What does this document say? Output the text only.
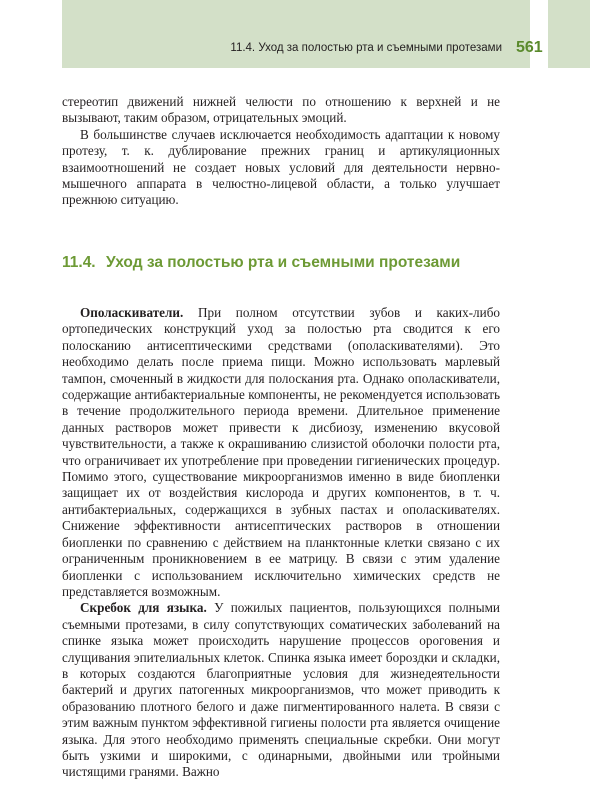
11.4. Уход за полостью рта и съемными протезами 561

стереотип движений нижней челюсти по отношению к верхней и не вызывают, таким образом, отрицательных эмоций.

В большинстве случаев исключается необходимость адаптации к новому протезу, т. к. дублирование прежних границ и артикуляционных взаимоотношений не создает новых условий для деятельности нервно-мышечного аппарата в челюстно-лицевой области, а только улучшает прежнюю ситуацию.

11.4. Уход за полостью рта и съемными протезами

Ополаскиватели. При полном отсутствии зубов и каких-либо ортопедических конструкций уход за полостью рта сводится к его полосканию антисептическими средствами (ополаскивателями). Это необходимо делать после приема пищи. Можно использовать марлевый тампон, смоченный в жидкости для полоскания рта. Однако ополаскиватели, содержащие антибактериальные компоненты, не рекомендуется использовать в течение продолжительного периода времени. Длительное применение данных растворов может привести к дисбиозу, изменению вкусовой чувствительности, а также к окрашиванию слизистой оболочки полости рта, что ограничивает их употребление при проведении гигиенических процедур. Помимо этого, существование микроорганизмов именно в виде биопленки защищает их от воздействия кислорода и других компонентов, в т. ч. антибактериальных, содержащихся в зубных пастах и ополаскивателях. Снижение эффективности антисептических растворов в отношении биопленки по сравнению с действием на планктонные клетки связано с их ограниченным проникновением в ее матрицу. В связи с этим удаление биопленки с использованием исключительно химических средств не представляется возможным.

Скребок для языка. У пожилых пациентов, пользующихся полными съемными протезами, в силу сопутствующих соматических заболеваний на спинке языка может происходить нарушение процессов ороговения и слущивания эпителиальных клеток. Спинка языка имеет бороздки и складки, в которых создаются благоприятные условия для жизнедеятельности бактерий и других патогенных микроорганизмов, что может приводить к образованию плотного белого и даже пигментированного налета. В связи с этим важным пунктом эффективной гигиены полости рта является очищение языка. Для этого необходимо применять специальные скребки. Они могут быть узкими и широкими, с одинарными, двойными или тройными чистящими гранями. Важно
